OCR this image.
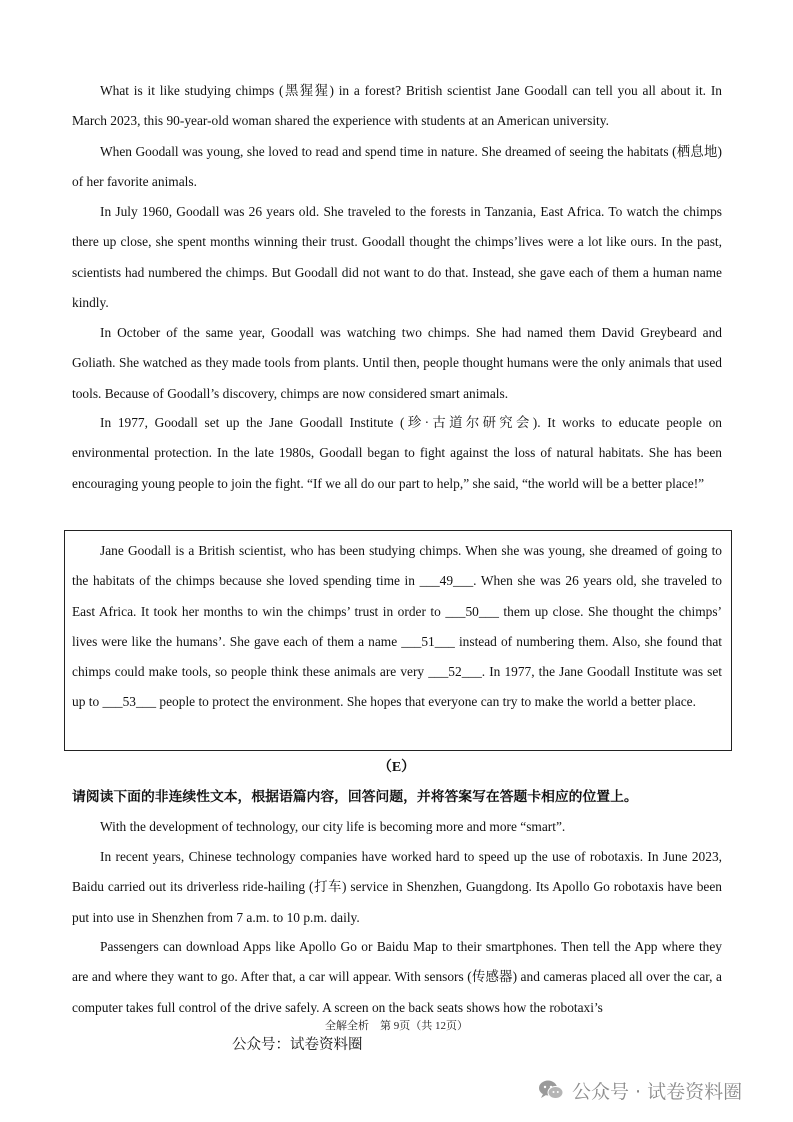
What is it like studying chimps (黑猩猩) in a forest? British scientist Jane Goodall can tell you all about it. In March 2023, this 90-year-old woman shared the experience with students at an American university.

When Goodall was young, she loved to read and spend time in nature. She dreamed of seeing the habitats (栖息地) of her favorite animals.

In July 1960, Goodall was 26 years old. She traveled to the forests in Tanzania, East Africa. To watch the chimps there up close, she spent months winning their trust. Goodall thought the chimps’lives were a lot like ours. In the past, scientists had numbered the chimps. But Goodall did not want to do that. Instead, she gave each of them a human name kindly.

In October of the same year, Goodall was watching two chimps. She had named them David Greybeard and Goliath. She watched as they made tools from plants. Until then, people thought humans were the only animals that used tools. Because of Goodall’s discovery, chimps are now considered smart animals.

In 1977, Goodall set up the Jane Goodall Institute (珍·古道尔研究会). It works to educate people on environmental protection. In the late 1980s, Goodall began to fight against the loss of natural habitats. She has been encouraging young people to join the fight. “If we all do our part to help,” she said, “the world will be a better place!”

Jane Goodall is a British scientist, who has been studying chimps. When she was young, she dreamed of going to the habitats of the chimps because she loved spending time in ___49___. When she was 26 years old, she traveled to East Africa. It took her months to win the chimps’ trust in order to ___50___ them up close. She thought the chimps’ lives were like the humans’. She gave each of them a name ___51___ instead of numbering them. Also, she found that chimps could make tools, so people think these animals are very ___52___. In 1977, the Jane Goodall Institute was set up to ___53___ people to protect the environment. She hopes that everyone can try to make the world a better place.

（E）
请阅读下面的非连续性文本，根据语篇内容，回答问题，并将答案写在答题卡相应的位置上。

With the development of technology, our city life is becoming more and more “smart”.

In recent years, Chinese technology companies have worked hard to speed up the use of robotaxis. In June 2023, Baidu carried out its driverless ride-hailing (打车) service in Shenzhen, Guangdong. Its Apollo Go robotaxis have been put into use in Shenzhen from 7 a.m. to 10 p.m. daily.

Passengers can download Apps like Apollo Go or Baidu Map to their smartphones. Then tell the App where they are and where they want to go. After that, a car will appear. With sensors (传感器) and cameras placed all over the car, a computer takes full control of the drive safely. A screen on the back seats shows how the robotaxi’s

全解全析　第 9页（共 12页）
公众号：试卷资料圈
公众号 · 试卷资料圈
